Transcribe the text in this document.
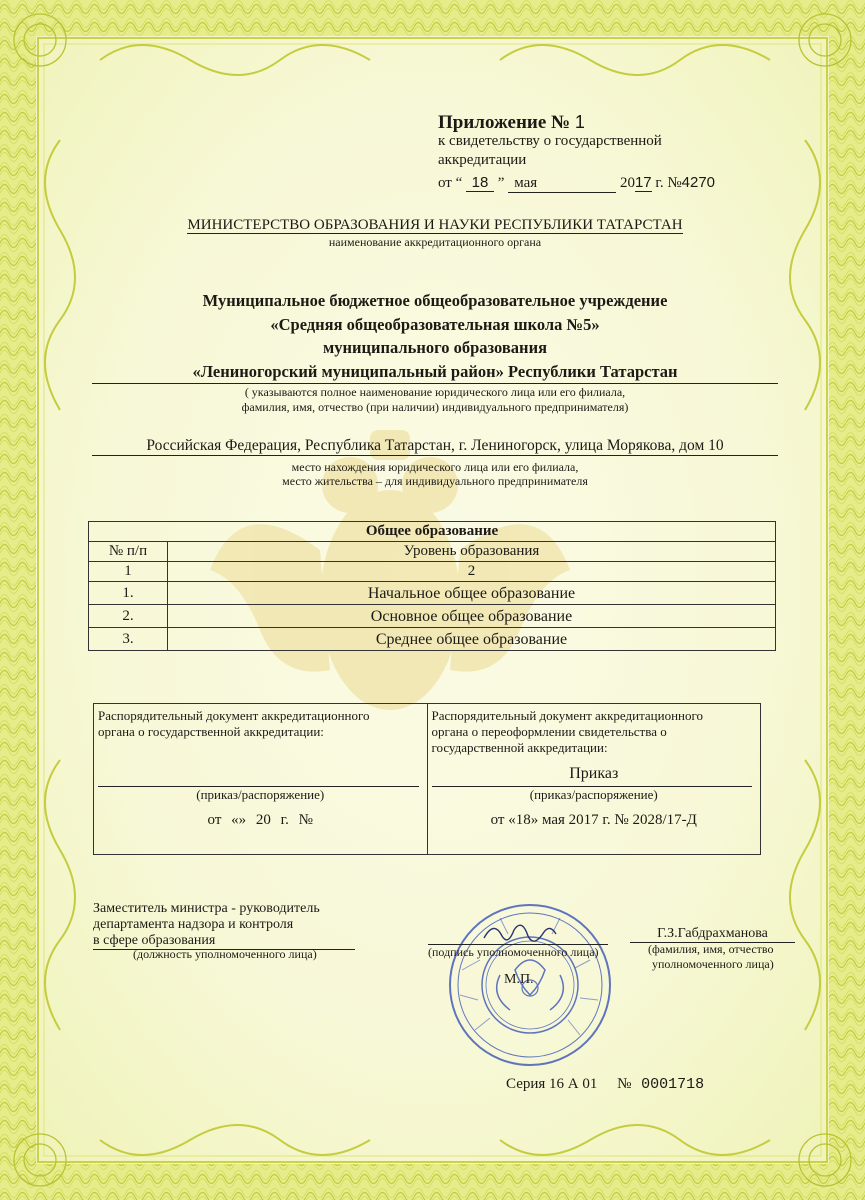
Приложение № 1
к свидетельству о государственной
аккредитации
от “ 18 ” мая	2017 г. №4270
МИНИСТЕРСТВО ОБРАЗОВАНИЯ И НАУКИ РЕСПУБЛИКИ ТАТАРСТАН
наименование аккредитационного органа
Муниципальное бюджетное общеобразовательное учреждение
«Средняя общеобразовательная школа №5»
муниципального образования
«Лениногорский муниципальный район» Республики Татарстан
( указываются полное наименование юридического лица или его филиала,
фамилия, имя, отчество (при наличии) индивидуального предпринимателя)
Российская Федерация, Республика Татарстан, г. Лениногорск, улица Морякова, дом 10
место нахождения юридического лица или его филиала,
место жительства – для индивидуального предпринимателя
Общее образование	
№ п/п	Уровень образования
1	2
1.	Начальное общее образование
2.	Основное общее образование
3.	Среднее общее образование
Распорядительный документ аккредитационного органа о государственной аккредитации:
(приказ/распоряжение)
от «» 20 г. №
Распорядительный документ аккредитационного органа о переоформлении свидетельства о государственной аккредитации:
Приказ
(приказ/распоряжение)
от «18» мая 2017 г. № 2028/17-Д
Заместитель министра - руководитель
департамента надзора и контроля
в сфере образования
(должность уполномоченного лица)	(подпись уполномоченного лица)
М.П.
Г.З.Габдрахманова
(фамилия, имя, отчество
уполномоченного лица)
Серия 16 А 01 № 0001718
